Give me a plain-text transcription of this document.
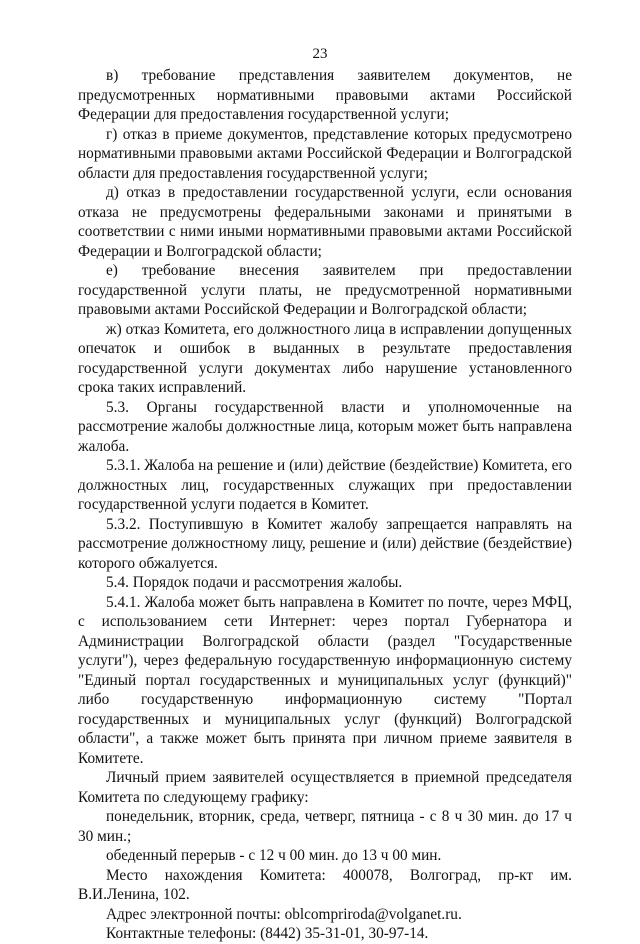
23

в) требование представления заявителем документов, не предусмотренных нормативными правовыми актами Российской Федерации для предоставления государственной услуги;

г) отказ в приеме документов, представление которых предусмотрено нормативными правовыми актами Российской Федерации и Волгоградской области для предоставления государственной услуги;

д) отказ в предоставлении государственной услуги, если основания отказа не предусмотрены федеральными законами и принятыми в соответствии с ними иными нормативными правовыми актами Российской Федерации и Волгоградской области;

е) требование внесения заявителем при предоставлении государственной услуги платы, не предусмотренной нормативными правовыми актами Российской Федерации и Волгоградской области;

ж) отказ Комитета, его должностного лица в исправлении допущенных опечаток и ошибок в выданных в результате предоставления государственной услуги документах либо нарушение установленного срока таких исправлений.

5.3. Органы государственной власти и уполномоченные на рассмотрение жалобы должностные лица, которым может быть направлена жалоба.

5.3.1. Жалоба на решение и (или) действие (бездействие) Комитета, его должностных лиц, государственных служащих при предоставлении государственной услуги подается в Комитет.

5.3.2. Поступившую в Комитет жалобу запрещается направлять на рассмотрение должностному лицу, решение и (или) действие (бездействие) которого обжалуется.

5.4. Порядок подачи и рассмотрения жалобы.

5.4.1. Жалоба может быть направлена в Комитет по почте, через МФЦ, с использованием сети Интернет: через портал Губернатора и Администрации Волгоградской области (раздел "Государственные услуги"), через федеральную государственную информационную систему "Единый портал государственных и муниципальных услуг (функций)" либо государственную информационную систему "Портал государственных и муниципальных услуг (функций) Волгоградской области", а также может быть принята при личном приеме заявителя в Комитете.

Личный прием заявителей осуществляется в приемной председателя Комитета по следующему графику:

понедельник, вторник, среда, четверг, пятница - с 8 ч 30 мин. до 17 ч 30 мин.;

обеденный перерыв - с 12 ч 00 мин. до 13 ч 00 мин.

Место нахождения Комитета: 400078, Волгоград, пр-кт им. В.И.Ленина, 102.

Адрес электронной почты: oblcompriroda@volganet.ru.

Контактные телефоны: (8442) 35-31-01, 30-97-14.
